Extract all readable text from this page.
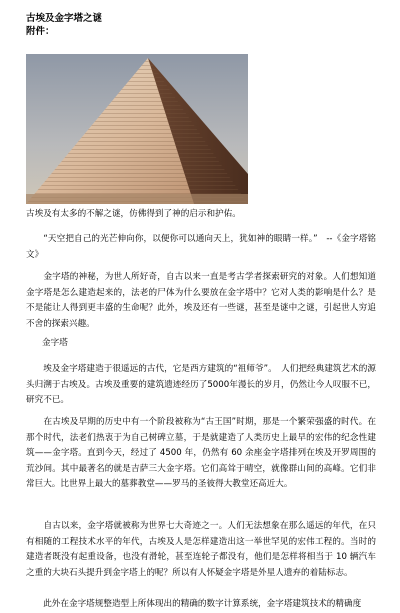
古埃及金字塔之谜
附件：
古埃及有太多的不解之谜，仿佛得到了神的启示和护佑。
　　“天空把自己的光芒伸向你，以便你可以通向天上，犹如神的眼睛一样。”　--《金字塔铭文》
　　金字塔的神秘，为世人所好奇，自古以来一直是考古学者探索研究的对象。人们想知道金字塔是怎么建造起来的，法老的尸体为什么要放在金字塔中？它对人类的影响是什么？是不是能让人得到更丰盛的生命呢？此外，埃及还有一些谜，甚至是谜中之谜，引起世人穷追不舍的探索兴趣。
金字塔
　　埃及金字塔建造于很遥远的古代，它是西方建筑的“祖师爷”。　人们把经典建筑艺术的源头归溯于古埃及。古埃及重要的建筑遗迹经历了5000年漫长的岁月，仍然让今人叹服不已，研究不已。
　　在古埃及早期的历史中有一个阶段被称为“古王国”时期，那是一个繁荣强盛的时代。在那个时代，法老们热衷于为自己树碑立墓，于是就建造了人类历史上最早的宏伟的纪念性建筑——金字塔。直到今天，经过了 4500 年，仍然有 60 余座金字塔排列在埃及开罗周围的荒沙间。其中最著名的就是吉萨三大金字塔。它们高耸于晴空，就像群山间的高峰。它们非常巨大。比世界上最大的墓葬教堂——罗马的圣彼得大教堂还高近大。
　　自古以来，金字塔就被称为世界七大奇迹之一。人们无法想象在那么遥远的年代，在只有相随的工程技术水平的年代，古埃及人是怎样建造出这一举世罕见的宏伟工程的。当时的建造者既没有起重设备，也没有滑轮，甚至连轮子都没有，他们是怎样将相当于 10 辆汽车之重的大块石头提升到金字塔上的呢？所以有人怀疑金字塔是外星人遗弃的着陆标志。
　　此外在金字塔规整造型上所体现出的精确的数字计算系统，金字塔建筑技术的精确度
